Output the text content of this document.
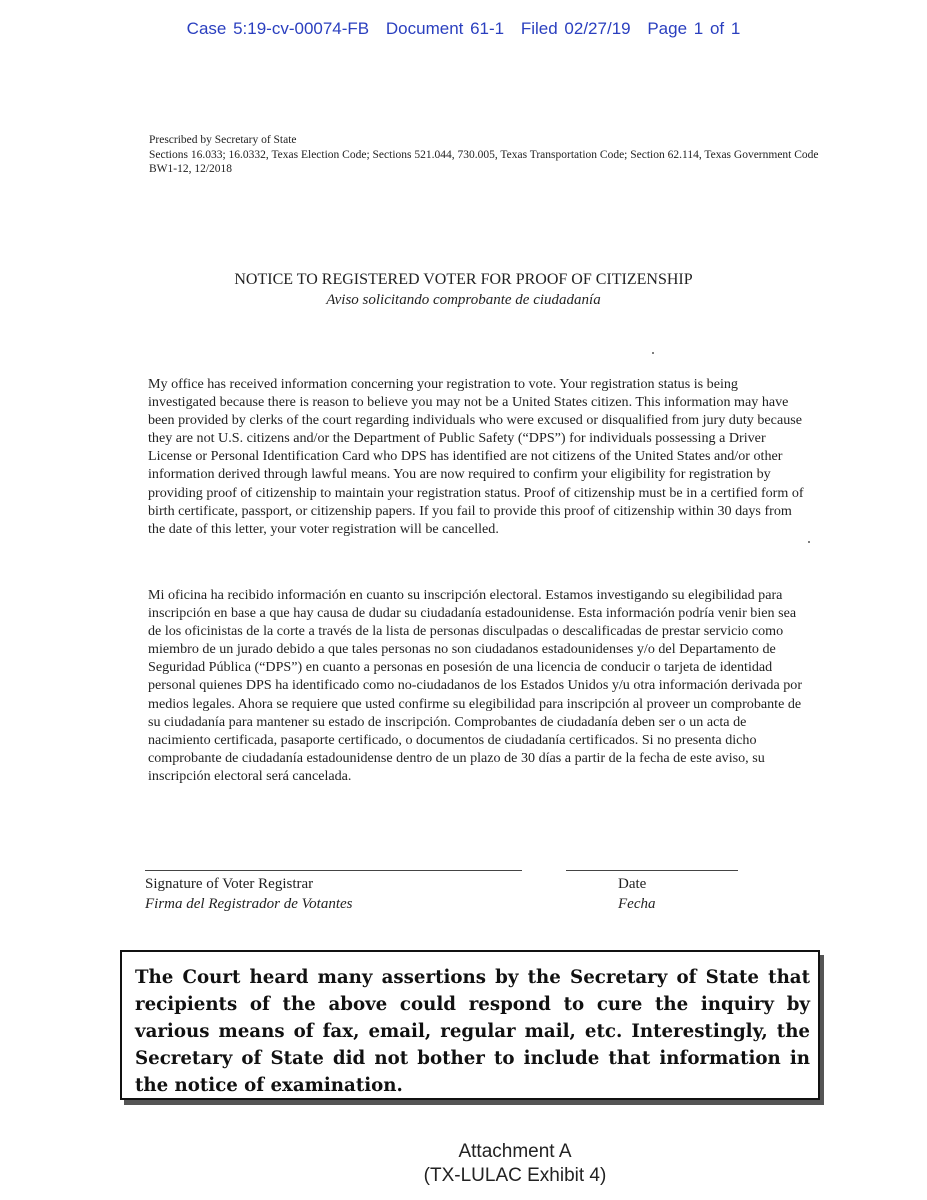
Case 5:19-cv-00074-FB Document 61-1 Filed 02/27/19 Page 1 of 1
Prescribed by Secretary of State
Sections 16.033; 16.0332, Texas Election Code; Sections 521.044, 730.005, Texas Transportation Code; Section 62.114, Texas Government Code
BW1-12, 12/2018
NOTICE TO REGISTERED VOTER FOR PROOF OF CITIZENSHIP
Aviso solicitando comprobante de ciudadanía
My office has received information concerning your registration to vote. Your registration status is being investigated because there is reason to believe you may not be a United States citizen. This information may have been provided by clerks of the court regarding individuals who were excused or disqualified from jury duty because they are not U.S. citizens and/or the Department of Public Safety (“DPS”) for individuals possessing a Driver License or Personal Identification Card who DPS has identified are not citizens of the United States and/or other information derived through lawful means. You are now required to confirm your eligibility for registration by providing proof of citizenship to maintain your registration status. Proof of citizenship must be in a certified form of birth certificate, passport, or citizenship papers. If you fail to provide this proof of citizenship within 30 days from the date of this letter, your voter registration will be cancelled.
Mi oficina ha recibido información en cuanto su inscripción electoral. Estamos investigando su elegibilidad para inscripción en base a que hay causa de dudar su ciudadanía estadounidense. Esta información podría venir bien sea de los oficinistas de la corte a través de la lista de personas disculpadas o descalificadas de prestar servicio como miembro de un jurado debido a que tales personas no son ciudadanos estadounidenses y/o del Departamento de Seguridad Pública (“DPS”) en cuanto a personas en posesión de una licencia de conducir o tarjeta de identidad personal quienes DPS ha identificado como no-ciudadanos de los Estados Unidos y/u otra información derivada por medios legales. Ahora se requiere que usted confirme su elegibilidad para inscripción al proveer un comprobante de su ciudadanía para mantener su estado de inscripción. Comprobantes de ciudadanía deben ser o un acta de nacimiento certificada, pasaporte certificado, o documentos de ciudadanía certificados. Si no presenta dicho comprobante de ciudadanía estadounidense dentro de un plazo de 30 días a partir de la fecha de este aviso, su inscripción electoral será cancelada.
Signature of Voter Registrar
Firma del Registrador de Votantes
Date
Fecha
The Court heard many assertions by the Secretary of State that recipients of the above could respond to cure the inquiry by various means of fax, email, regular mail, etc. Interestingly, the Secretary of State did not bother to include that information in the notice of examination.
Attachment A
(TX-LULAC Exhibit 4)
